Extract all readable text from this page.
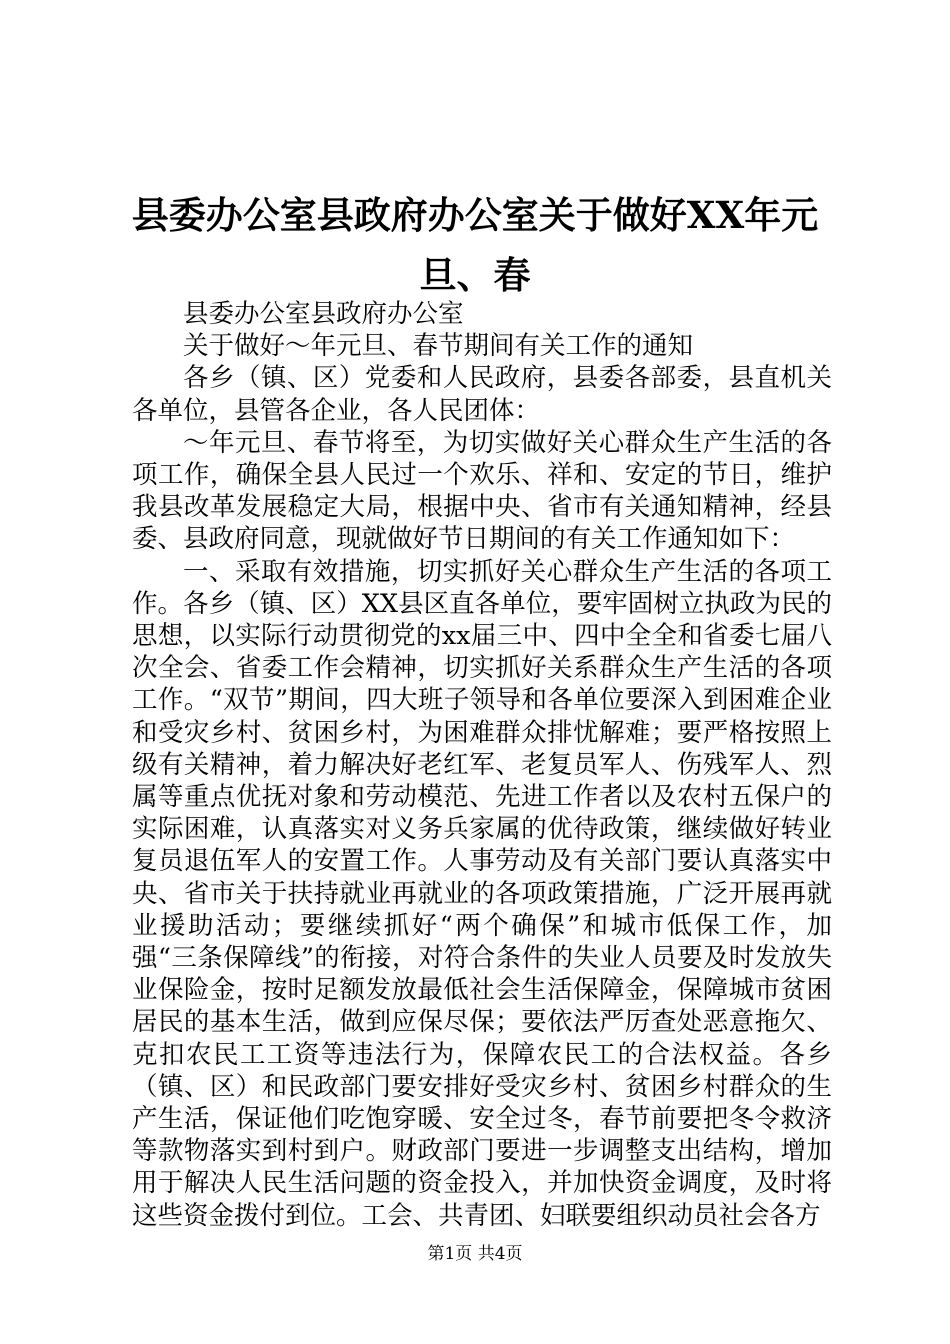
县委办公室县政府办公室关于做好XX年元旦、春

县委办公室县政府办公室

关于做好～年元旦、春节期间有关工作的通知

各乡（镇、区）党委和人民政府，县委各部委，县直机关各单位，县管各企业，各人民团体：

～年元旦、春节将至，为切实做好关心群众生产生活的各项工作，确保全县人民过一个欢乐、祥和、安定的节日，维护我县改革发展稳定大局，根据中央、省市有关通知精神，经县委、县政府同意，现就做好节日期间的有关工作通知如下：

一、采取有效措施，切实抓好关心群众生产生活的各项工作。各乡（镇、区）XX县区直各单位，要牢固树立执政为民的思想，以实际行动贯彻党的xx届三中、四中全全和省委七届八次全会、省委工作会精神，切实抓好关系群众生产生活的各项工作。“双节”期间，四大班子领导和各单位要深入到困难企业和受灾乡村、贫困乡村，为困难群众排忧解难；要严格按照上级有关精神，着力解决好老红军、老复员军人、伤残军人、烈属等重点优抚对象和劳动模范、先进工作者以及农村五保户的实际困难，认真落实对义务兵家属的优待政策，继续做好转业复员退伍军人的安置工作。人事劳动及有关部门要认真落实中央、省市关于扶持就业再就业的各项政策措施，广泛开展再就业援助活动；要继续抓好“两个确保”和城市低保工作，加强“三条保障线”的衔接，对符合条件的失业人员要及时发放失业保险金，按时足额发放最低社会生活保障金，保障城市贫困居民的基本生活，做到应保尽保；要依法严厉查处恶意拖欠、克扣农民工工资等违法行为，保障农民工的合法权益。各乡（镇、区）和民政部门要安排好受灾乡村、贫困乡村群众的生产生活，保证他们吃饱穿暖、安全过冬，春节前要把冬令救济等款物落实到村到户。财政部门要进一步调整支出结构，增加用于解决人民生活问题的资金投入，并加快资金调度，及时将这些资金拨付到位。工会、共青团、妇联要组织动员社会各方

第1页 共4页
